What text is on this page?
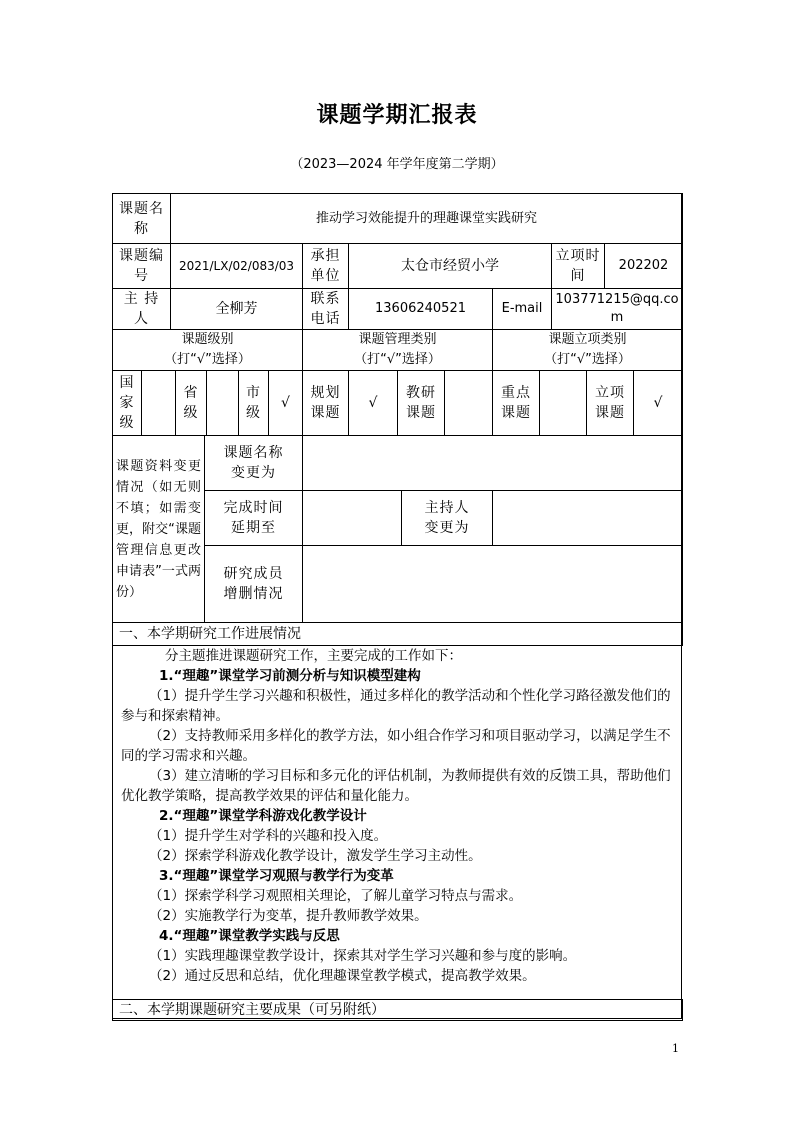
课题学期汇报表
（2023—2024 年学年度第二学期）
课题名称
推动学习效能提升的理趣课堂实践研究
课题编号
2021/LX/02/083/03
承担单位
太仓市经贸小学
立项时间
202202
主 持 人
全柳芳
联系电话
13606240521	E-mail
103771215@qq.com
课题级别
（打“√”选择）
课题管理类别
（打“√”选择）
课题立项类别
（打“√”选择）
国家级
省级
市级
√
规划课题
√
教研课题
重点课题
立项课题
√
课题资料变更情况（如无则不填；如需变更，附交“课题管理信息更改申请表”一式两份）
课题名称变更为
完成时间延期至
主持人变更为
研究成员增删情况
一、本学期研究工作进展情况
二、本学期课题研究主要成果（可另附纸）

分主题推进课题研究工作，主要完成的工作如下：

1.“理趣”课堂学习前测分析与知识模型建构

（1）提升学生学习兴趣和积极性，通过多样化的教学活动和个性化学习路径激发他们的参与和探索精神。

（2）支持教师采用多样化的教学方法，如小组合作学习和项目驱动学习，以满足学生不同的学习需求和兴趣。

（3）建立清晰的学习目标和多元化的评估机制，为教师提供有效的反馈工具，帮助他们优化教学策略，提高教学效果的评估和量化能力。

2.“理趣”课堂学科游戏化教学设计

（1）提升学生对学科的兴趣和投入度。

（2）探索学科游戏化教学设计，激发学生学习主动性。

3.“理趣”课堂学习观照与教学行为变革

（1）探索学科学习观照相关理论，了解儿童学习特点与需求。

（2）实施教学行为变革，提升教师教学效果。

4.“理趣”课堂教学实践与反思

（1）实践理趣课堂教学设计，探索其对学生学习兴趣和参与度的影响。

（2）通过反思和总结，优化理趣课堂教学模式，提高教学效果。

1
